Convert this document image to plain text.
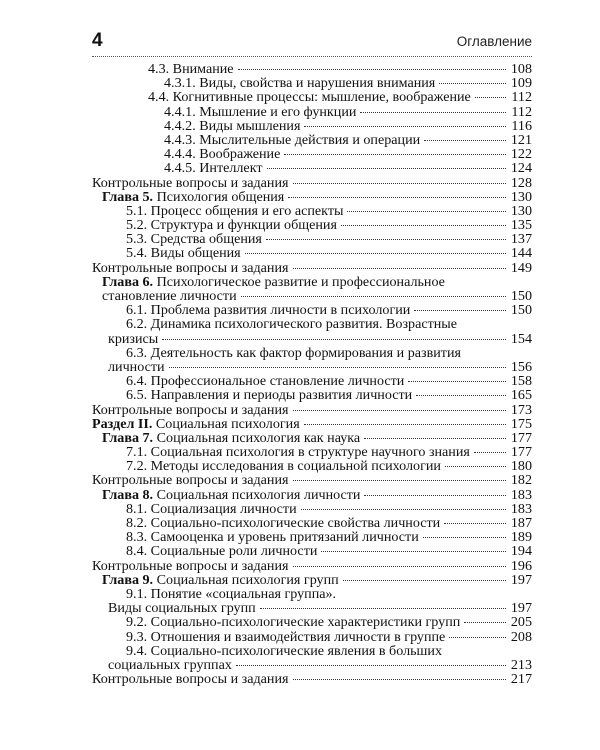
4	Оглавление
4.3. Внимание	108
4.3.1. Виды, свойства и нарушения внимания	109
4.4. Когнитивные процессы: мышление, воображение	112
4.4.1. Мышление и его функции	112
4.4.2. Виды мышления	116
4.4.3. Мыслительные действия и операции	121
4.4.4. Воображение	122
4.4.5. Интеллект	124
Контрольные вопросы и задания	128
Глава 5. Психология общения	130
5.1. Процесс общения и его аспекты	130
5.2. Структура и функции общения	135
5.3. Средства общения	137
5.4. Виды общения	144
Контрольные вопросы и задания	149
Глава 6. Психологическое развитие и профессиональное
становление личности	150
6.1. Проблема развития личности в психологии	150
6.2. Динамика психологического развития. Возрастные
кризисы	154
6.3. Деятельность как фактор формирования и развития
личности	156
6.4. Профессиональное становление личности	158
6.5. Направления и периоды развития личности	165
Контрольные вопросы и задания	173
Раздел II. Социальная психология	175
Глава 7. Социальная психология как наука	177
7.1. Социальная психология в структуре научного знания	177
7.2. Методы исследования в социальной психологии	180
Контрольные вопросы и задания	182
Глава 8. Социальная психология личности	183
8.1. Социализация личности	183
8.2. Социально-психологические свойства личности	187
8.3. Самооценка и уровень притязаний личности	189
8.4. Социальные роли личности	194
Контрольные вопросы и задания	196
Глава 9. Социальная психология групп	197
9.1. Понятие «социальная группа».
Виды социальных групп	197
9.2. Социально-психологические характеристики групп	205
9.3. Отношения и взаимодействия личности в группе	208
9.4. Социально-психологические явления в больших
социальных группах	213
Контрольные вопросы и задания	217
